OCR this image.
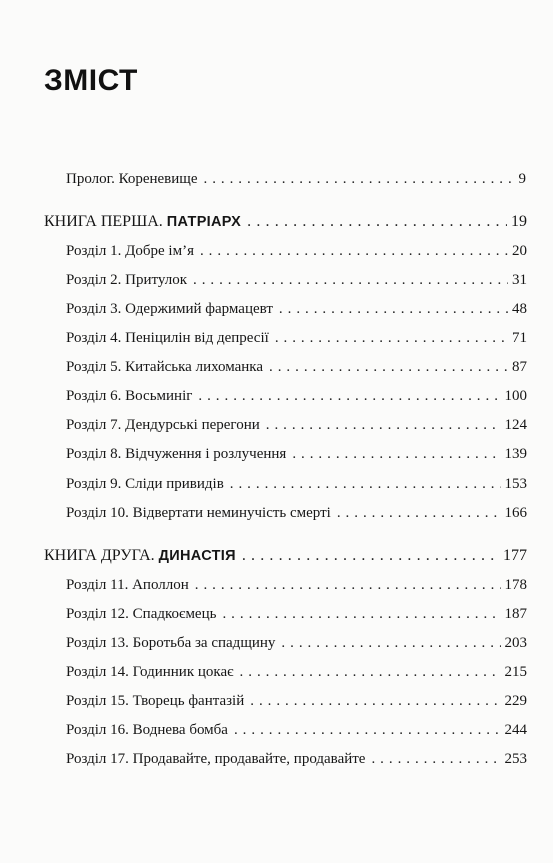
ЗМІСТ
Пролог. Кореневище . . .	9
КНИГА ПЕРША. ПАТРІАРХ . . .	19
Розділ 1. Добре ім’я . . .	20
Розділ 2. Притулок . . .	31
Розділ 3. Одержимий фармацевт . . .	48
Розділ 4. Пеніцилін від депресії . . .	71
Розділ 5. Китайська лихоманка . . .	87
Розділ 6. Восьминіг . . .	100
Розділ 7. Дендурські перегони . . .	124
Розділ 8. Відчуження і розлучення . . .	139
Розділ 9. Сліди привидів . . .	153
Розділ 10. Відвертати неминучість смерті . . .	166
КНИГА ДРУГА. ДИНАСТІЯ . . .	177
Розділ 11. Аполлон . . .	178
Розділ 12. Спадкоємець . . .	187
Розділ 13. Боротьба за спадщину . . .	203
Розділ 14. Годинник цокає . . .	215
Розділ 15. Творець фантазій . . .	229
Розділ 16. Воднева бомба . . .	244
Розділ 17. Продавайте, продавайте, продавайте . . .	253
